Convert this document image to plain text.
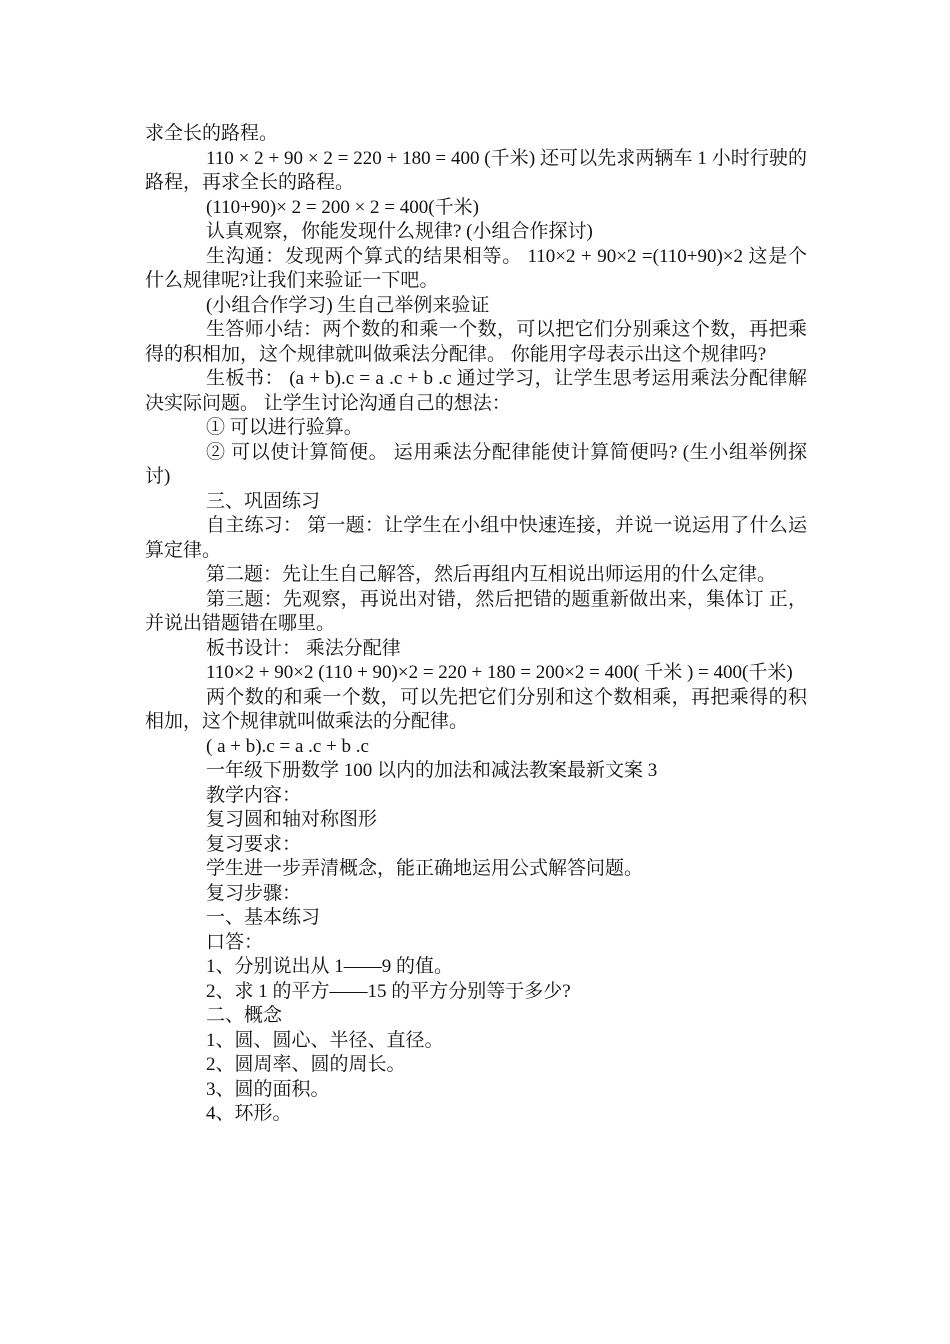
求全长的路程。

110 × 2 + 90 × 2 = 220 + 180 = 400 (千米) 还可以先求两辆车 1 小时行驶的路程，再求全长的路程。

(110+90)× 2 = 200 × 2 = 400(千米)

认真观察，你能发现什么规律? (小组合作探讨)

生沟通：发现两个算式的结果相等。 110×2 + 90×2 =(110+90)×2 这是个什么规律呢?让我们来验证一下吧。

(小组合作学习) 生自己举例来验证

生答师小结：两个数的和乘一个数，可以把它们分别乘这个数，再把乘得的积相加，这个规律就叫做乘法分配律。 你能用字母表示出这个规律吗?

生板书： (a + b).c = a .c + b .c 通过学习，让学生思考运用乘法分配律解决实际问题。 让学生讨论沟通自己的想法：

① 可以进行验算。

② 可以使计算简便。 运用乘法分配律能使计算简便吗? (生小组举例探讨)

三、巩固练习

自主练习： 第一题：让学生在小组中快速连接，并说一说运用了什么运算定律。

第二题：先让生自己解答，然后再组内互相说出师运用的什么定律。

第三题：先观察，再说出对错，然后把错的题重新做出来，集体订 正，并说出错题错在哪里。

板书设计： 乘法分配律

110×2 + 90×2 (110 + 90)×2 = 220 + 180 = 200×2 = 400( 千米 ) = 400(千米)

两个数的和乘一个数，可以先把它们分别和这个数相乘，再把乘得的积相加，这个规律就叫做乘法的分配律。

( a + b).c = a .c + b .c

一年级下册数学 100 以内的加法和减法教案最新文案 3

教学内容：

复习圆和轴对称图形

复习要求：

学生进一步弄清概念，能正确地运用公式解答问题。

复习步骤：

一、基本练习

口答：

1、分别说出从 1——9 的值。

2、求 1 的平方——15 的平方分别等于多少?

二、概念

1、圆、圆心、半径、直径。

2、圆周率、圆的周长。

3、圆的面积。

4、环形。
